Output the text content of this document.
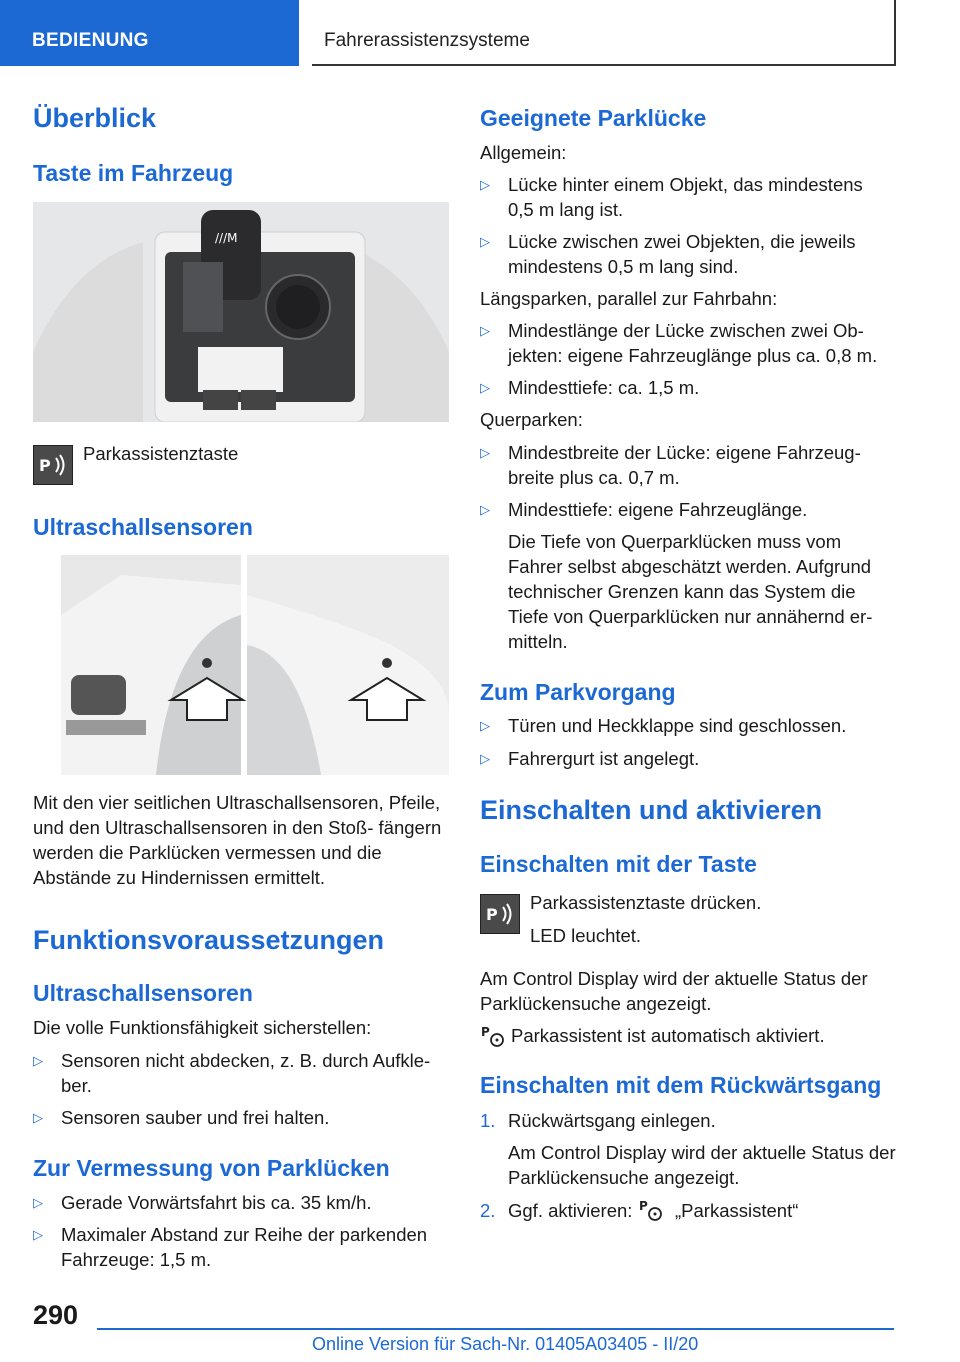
BEDIENUNG	Fahrerassistenzsysteme
Überblick
Taste im Fahrzeug
///M
P
Parkassistenztaste
Ultraschallsensoren
Mit den vier seitlichen Ultraschallsensoren, Pfeile, und den Ultraschallsensoren in den Stoß- fängern werden die Parklücken vermessen und die Abstände zu Hindernissen ermittelt.
Funktionsvoraussetzungen
Ultraschallsensoren
Die volle Funktionsfähigkeit sicherstellen:
▷ Sensoren nicht abdecken, z. B. durch Aufkle- ber.
▷ Sensoren sauber und frei halten.
Zur Vermessung von Parklücken
▷ Gerade Vorwärtsfahrt bis ca. 35 km/h.
▷ Maximaler Abstand zur Reihe der parkenden Fahrzeuge: 1,5 m.
Geeignete Parklücke
Allgemein:
▷ Lücke hinter einem Objekt, das mindestens 0,5 m lang ist.
▷ Lücke zwischen zwei Objekten, die jeweils mindestens 0,5 m lang sind.
Längsparken, parallel zur Fahrbahn:
▷ Mindestlänge der Lücke zwischen zwei Ob- jekten: eigene Fahrzeuglänge plus ca. 0,8 m.
▷ Mindesttiefe: ca. 1,5 m.
Querparken:
▷ Mindestbreite der Lücke: eigene Fahrzeug- breite plus ca. 0,7 m.
▷ Mindesttiefe: eigene Fahrzeuglänge.
Die Tiefe von Querparklücken muss vom Fahrer selbst abgeschätzt werden. Aufgrund technischer Grenzen kann das System die Tiefe von Querparklücken nur annähernd er- mitteln.
Zum Parkvorgang
▷ Türen und Heckklappe sind geschlossen.
▷ Fahrergurt ist angelegt.
Einschalten und aktivieren
Einschalten mit der Taste
P
Parkassistenztaste drücken.
LED leuchtet.
Am Control Display wird der aktuelle Status der Parklückensuche angezeigt.
P Parkassistent ist automatisch aktiviert.
Einschalten mit dem Rückwärtsgang
1. Rückwärtsgang einlegen.
Am Control Display wird der aktuelle Status der Parklückensuche angezeigt.
2. Ggf. aktivieren: P „Parkassistent“
290
Online Version für Sach-Nr. 01405A03405 - II/20
